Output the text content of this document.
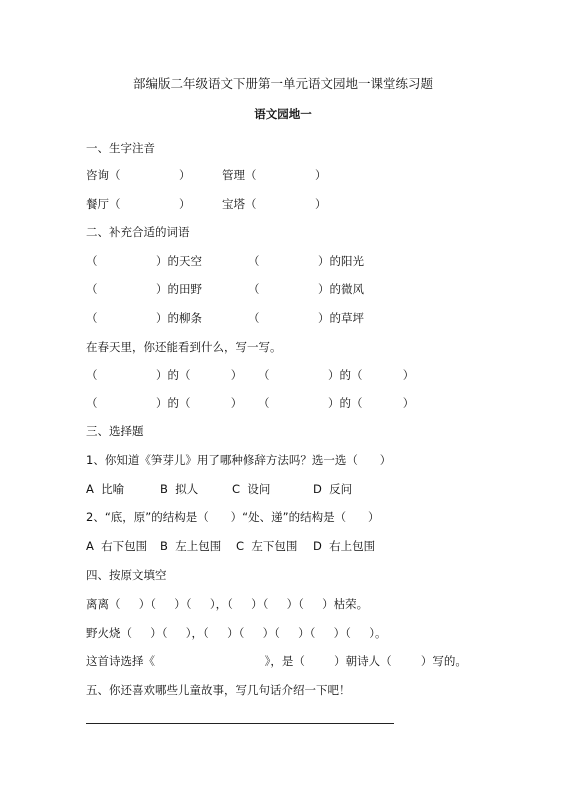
部编版二年级语文下册第一单元语文园地一课堂练习题
语文园地一
一、生字注音
咨询（                ）	管理（                ）
餐厅（                ）	宝塔（                ）
二、补充合适的词语
（                ）的天空	（                ）的阳光
（                ）的田野	（                ）的微风
（                ）的柳条	（                ）的草坪
在春天里，你还能看到什么，写一写。
（                ）的（           ） （                ）的（           ）
（                ）的（           ） （                ）的（           ）
三、选择题
1、你知道《笋芽儿》用了哪种修辞方法吗？选一选（      ）
A  比喻	B  拟人	C  设问	D  反问
2、“底，原”的结构是（      ）“处、递”的结构是（      ）
A  右下包围 B  左上包围 C  左下包围 D  右上包围
四、按原文填空
离离（     ）（     ）（     ），（     ）（     ）（     ）枯荣。
野火烧（     ）（     ），（     ）（     ）（     ）（     ）（     ）。
这首诗选择《                              》，是（        ）朝诗人（        ）写的。
五、你还喜欢哪些儿童故事，写几句话介绍一下吧！
